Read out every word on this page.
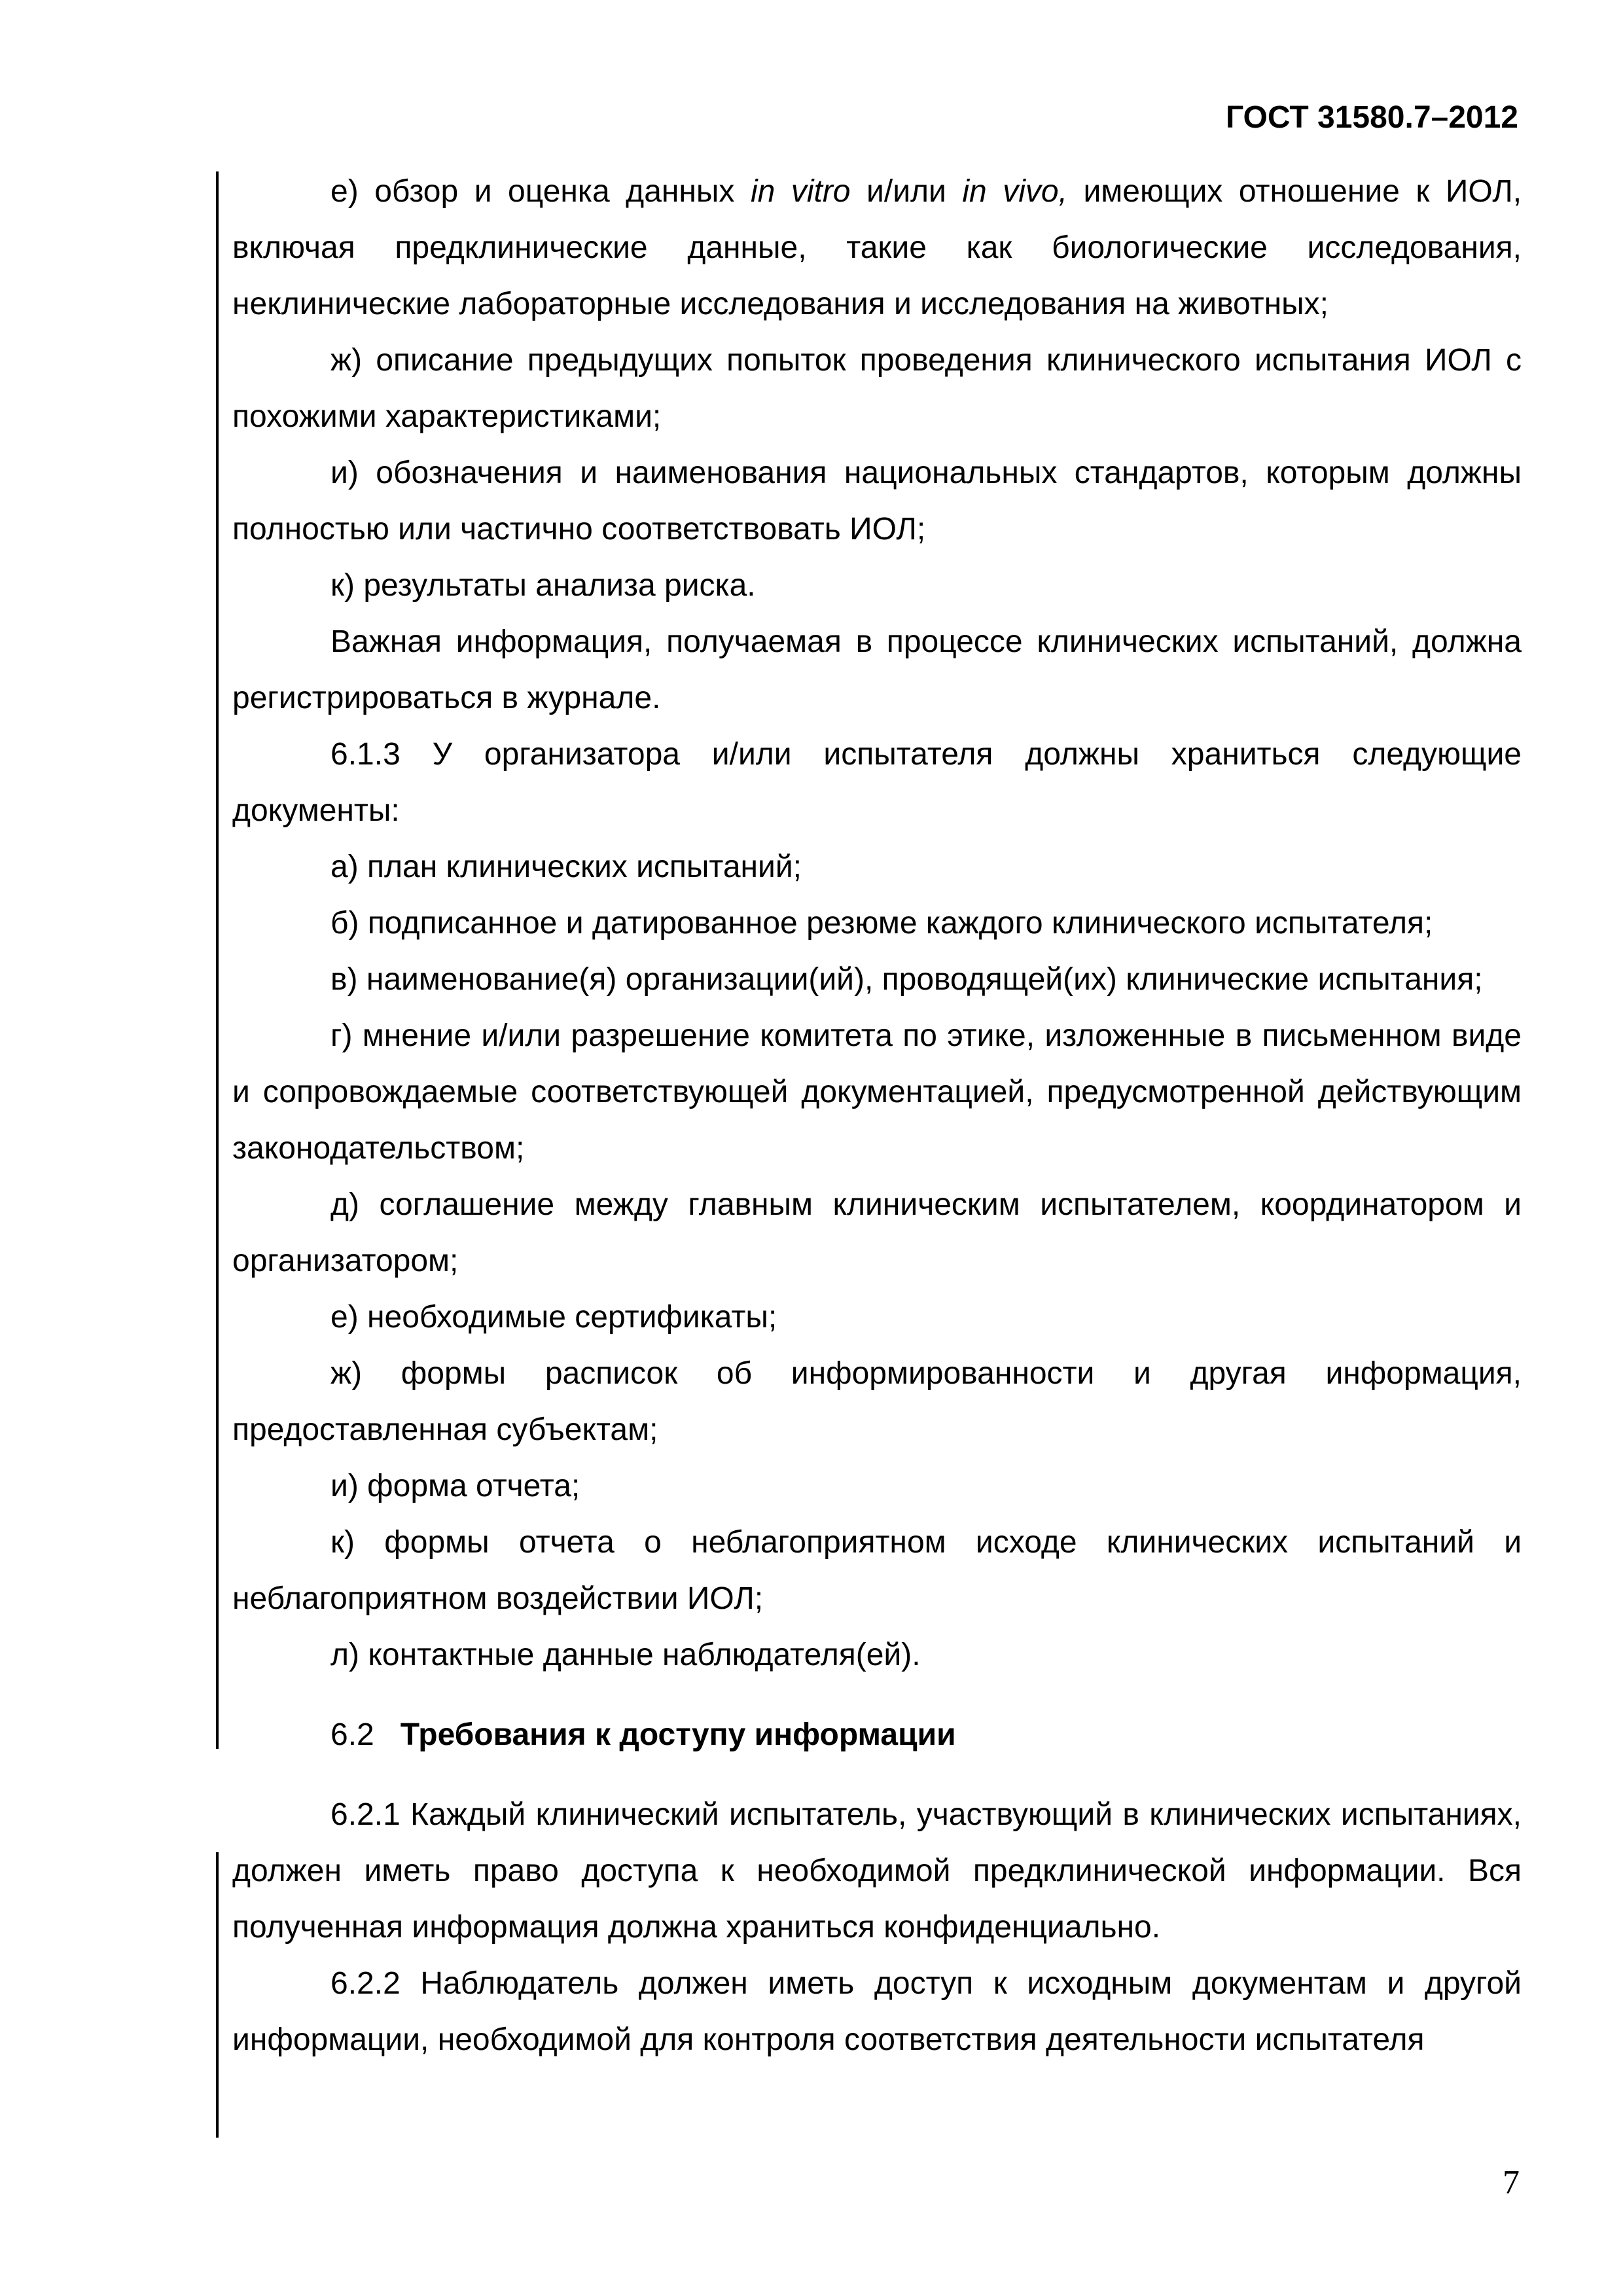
ГОСТ 31580.7–2012

е) обзор и оценка данных in vitro и/или in vivo, имеющих отношение к ИОЛ, включая предклинические данные, такие как биологические исследования, неклинические лабораторные исследования и исследования на животных;

ж) описание предыдущих попыток проведения клинического испытания ИОЛ с похожими характеристиками;

и) обозначения и наименования национальных стандартов, которым должны полностью или частично соответствовать ИОЛ;

к) результаты анализа риска.

Важная информация, получаемая в процессе клинических испытаний, должна регистрироваться в журнале.

6.1.3 У организатора и/или испытателя должны храниться следующие документы:

а) план клинических испытаний;

б) подписанное и датированное резюме каждого клинического испытателя;

в) наименование(я) организации(ий), проводящей(их) клинические испытания;

г) мнение и/или разрешение комитета по этике, изложенные в письменном виде и сопровождаемые соответствующей документацией, предусмотренной действующим законодательством;

д) соглашение между главным клиническим испытателем, координатором и организатором;

е) необходимые сертификаты;

ж) формы расписок об информированности и другая информация, предоставленная субъектам;

и) форма отчета;

к) формы отчета о неблагоприятном исходе клинических испытаний и неблагоприятном воздействии ИОЛ;

л) контактные данные наблюдателя(ей).

6.2 Требования к доступу информации

6.2.1 Каждый клинический испытатель, участвующий в клинических испытаниях, должен иметь право доступа к необходимой предклинической информации. Вся полученная информация должна храниться конфиденциально.

6.2.2 Наблюдатель должен иметь доступ к исходным документам и другой информации, необходимой для контроля соответствия деятельности испытателя

7
